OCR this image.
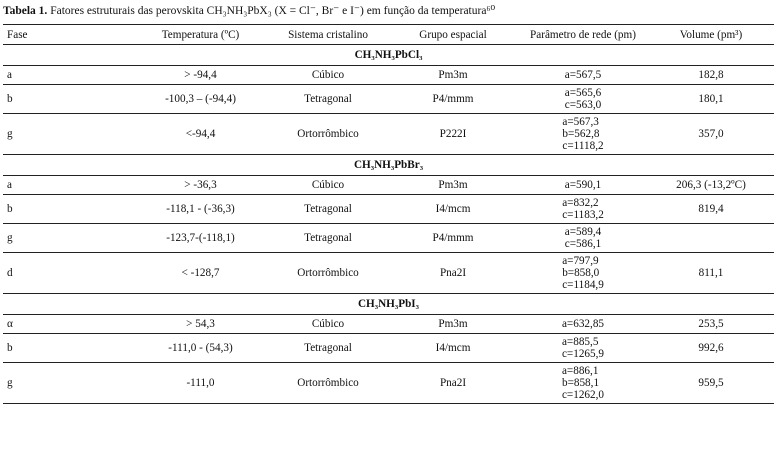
Tabela 1. Fatores estruturais das perovskita CH₃NH₃PbX₃ (X = Cl⁻, Br⁻ e I⁻) em função da temperatura⁶⁰
Fase	Temperatura (ºC)	Sistema cristalino	Grupo espacial	Parâmetro de rede (pm)	Volume (pm³)
CH₃NH₃PbCl₃					
a	> -94,4	Cúbico	Pm3m	a=567,5	182,8
b	-100,3 – (-94,4)	Tetragonal	P4/mmm	a=565,6
c=563,0	180,1
g	<-94,4	Ortorrômbico	P222I	a=567,3
b=562,8
c=1118,2	357,0
CH₃NH₃PbBr₃					
a	> -36,3	Cúbico	Pm3m	a=590,1	206,3 (-13,2ºC)
b	-118,1 - (-36,3)	Tetragonal	I4/mcm	a=832,2
c=1183,2	819,4
g	-123,7-(-118,1)	Tetragonal	P4/mmm	a=589,4
c=586,1	

d	< -128,7	Ortorrômbico	Pna2I	a=797,9
b=858,0
c=1184,9	811,1
CH₃NH₃PbI₃					
α	> 54,3	Cúbico	Pm3m	a=632,85	253,5
b	-111,0 - (54,3)	Tetragonal	I4/mcm	a=885,5
c=1265,9	992,6
g	-111,0	Ortorrômbico	Pna2I	a=886,1
b=858,1
c=1262,0	959,5
